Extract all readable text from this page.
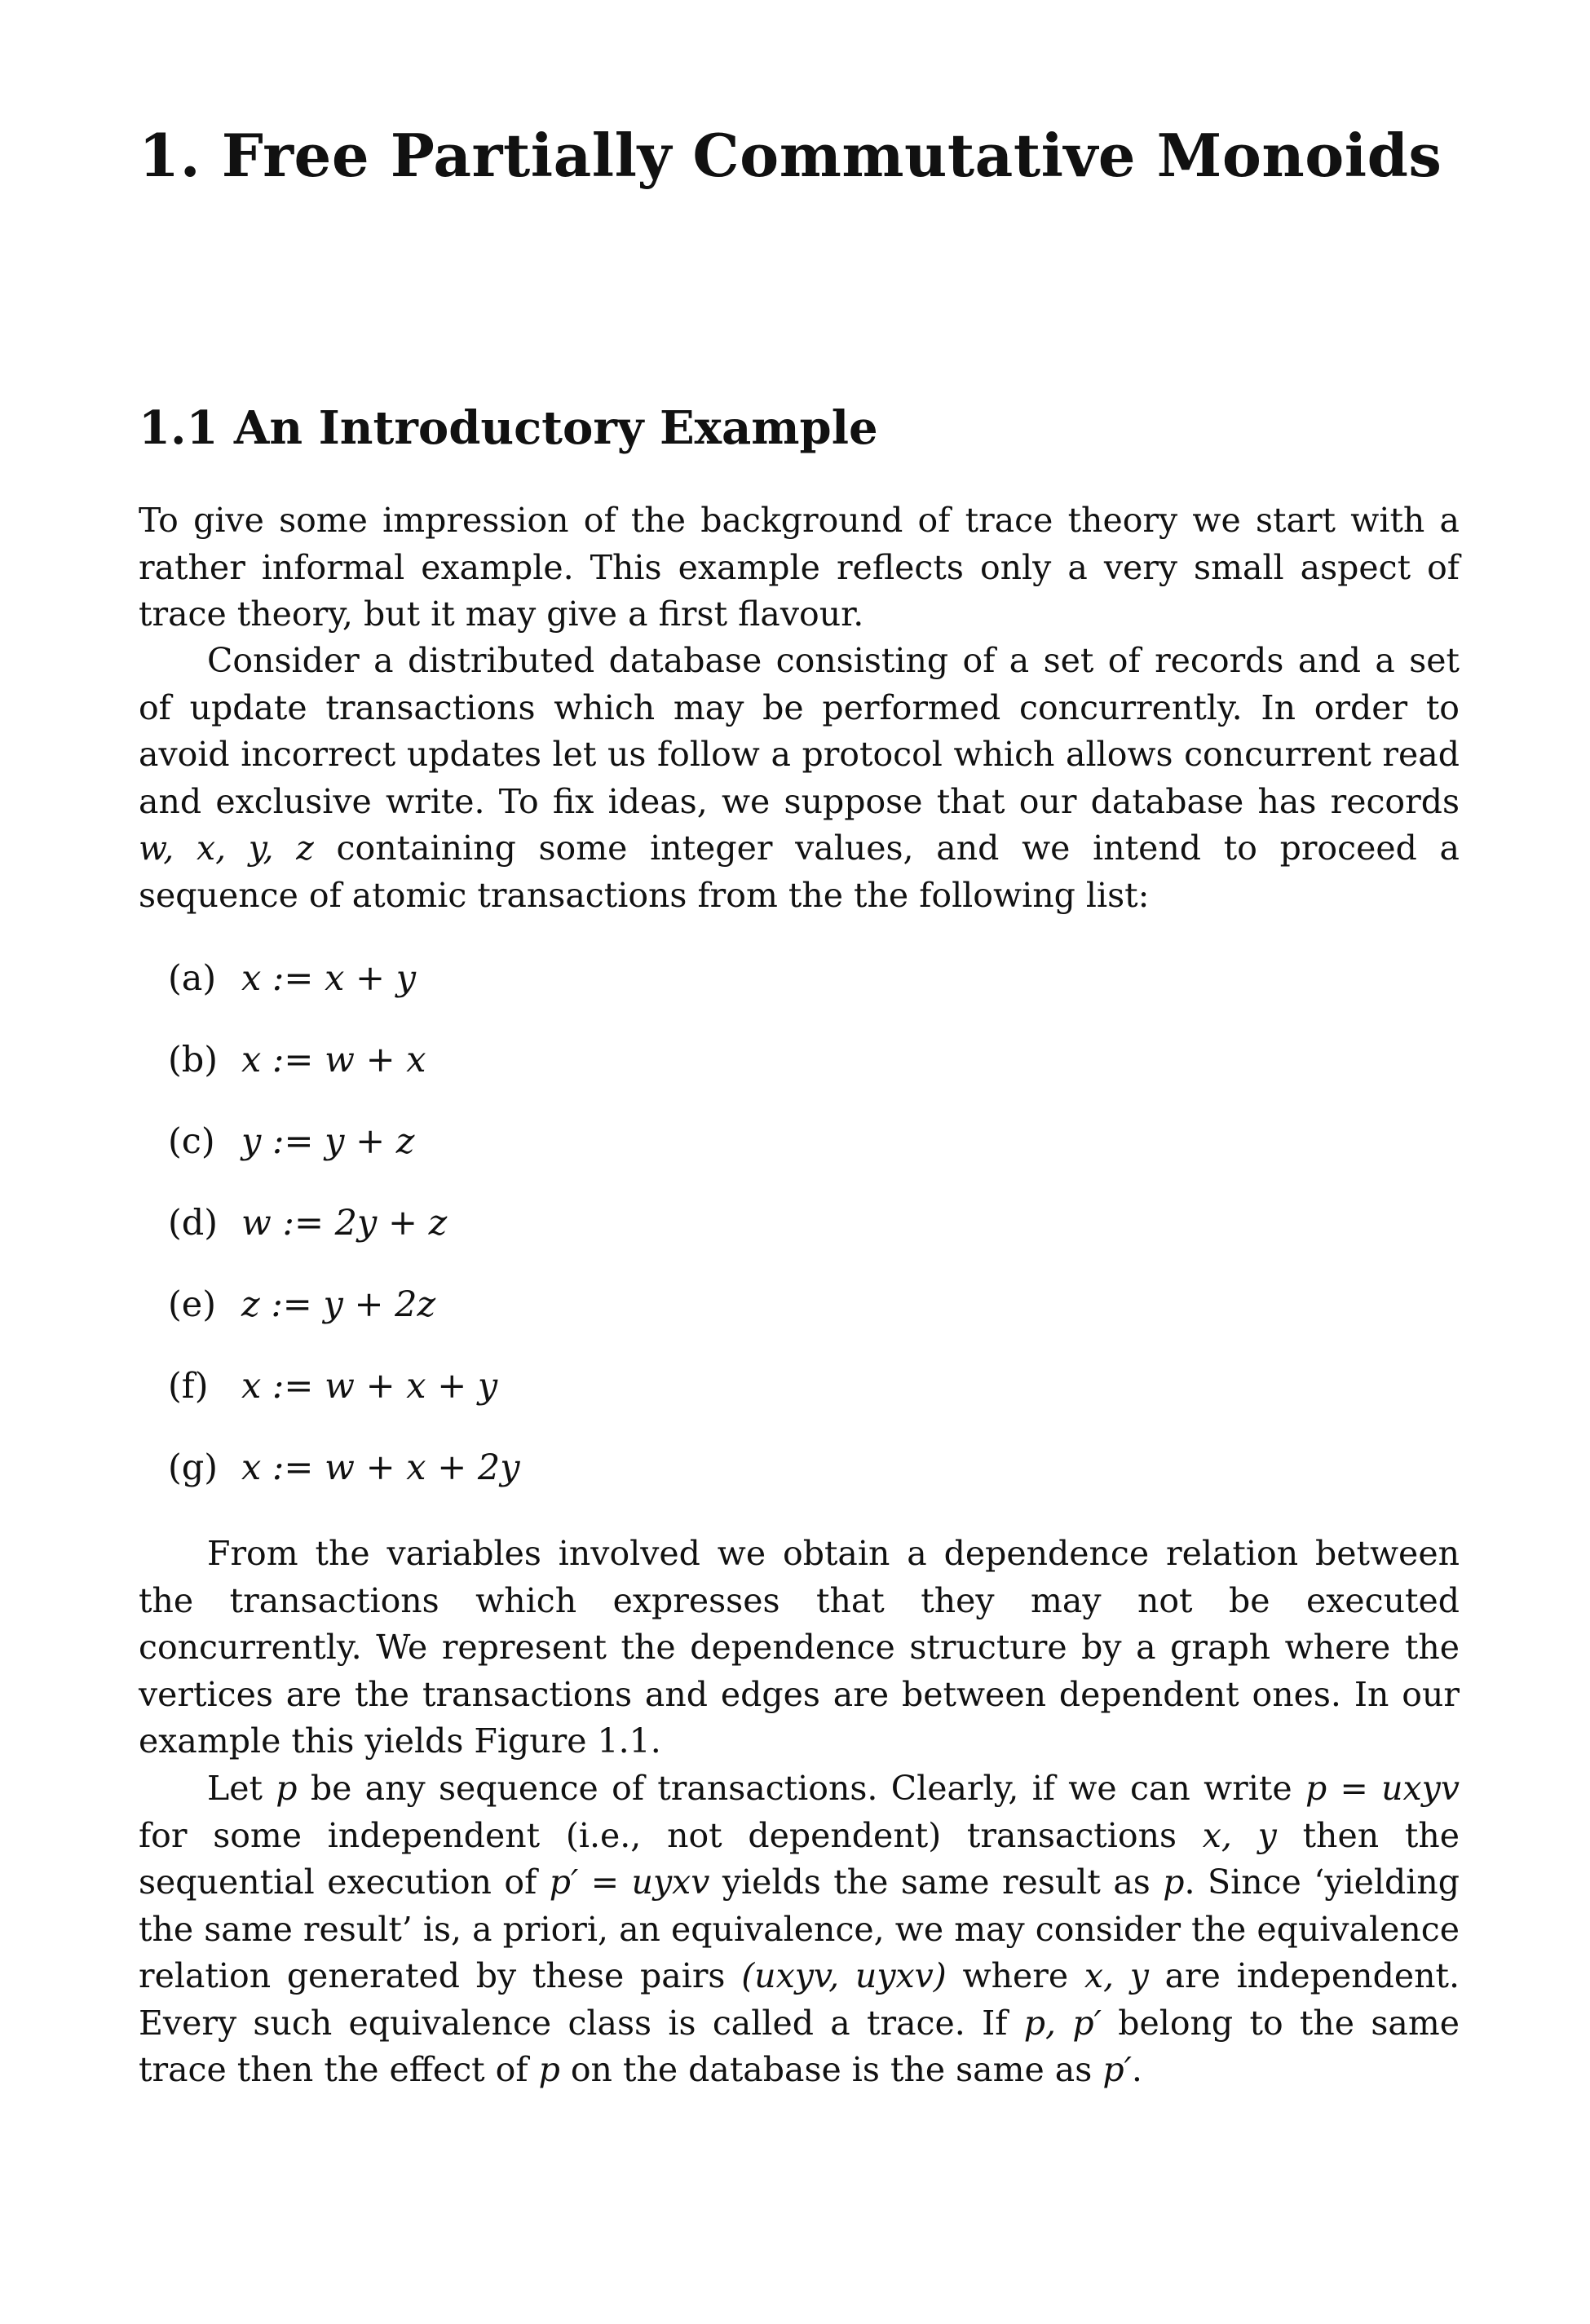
1. Free Partially Commutative Monoids
1.1 An Introductory Example

To give some impression of the background of trace theory we start with a rather informal example. This example reflects only a very small aspect of trace theory, but it may give a first flavour.

Consider a distributed database consisting of a set of records and a set of update transactions which may be performed concurrently. In order to avoid incorrect updates let us follow a protocol which allows concurrent read and exclusive write. To fix ideas, we suppose that our database has records w, x, y, z containing some integer values, and we intend to proceed a sequence of atomic transactions from the the following list:

(a) x := x + y
(b) x := w + x
(c) y := y + z
(d) w := 2y + z
(e) z := y + 2z
(f) x := w + x + y
(g) x := w + x + 2y

From the variables involved we obtain a dependence relation between the transactions which expresses that they may not be executed concurrently. We represent the dependence structure by a graph where the vertices are the transactions and edges are between dependent ones. In our example this yields Figure 1.1.

Let p be any sequence of transactions. Clearly, if we can write p = uxyv for some independent (i.e., not dependent) transactions x, y then the sequential execution of p′ = uyxv yields the same result as p. Since ‘yielding the same result’ is, a priori, an equivalence, we may consider the equivalence relation generated by these pairs (uxyv, uyxv) where x, y are independent. Every such equivalence class is called a trace. If p, p′ belong to the same trace then the effect of p on the database is the same as p′.
